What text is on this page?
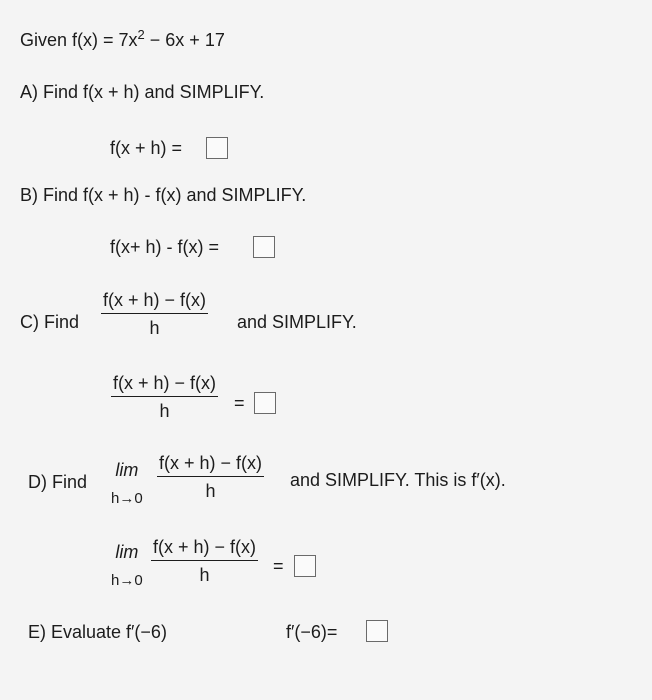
Given $f(x) = 7x^2 - 6x + 17$
A) Find f(x + h) and SIMPLIFY.
f(x + h) =
B) Find f(x + h) - f(x) and SIMPLIFY.
f(x+ h) - f(x) =
C) Find $\frac{f(x + h) - f(x)}{h}$ and SIMPLIFY.
$\frac{f(x + h) - f(x)}{h}$ =
D) Find
lim
$h\to 0 \frac{f(x + h) - f(x)}{h}$ and SIMPLIFY. This is f′(x).
lim
$h\to 0 \frac{f(x + h) - f(x)}{h}$ =
E) Evaluate f′(−6)	f′(−6)=
